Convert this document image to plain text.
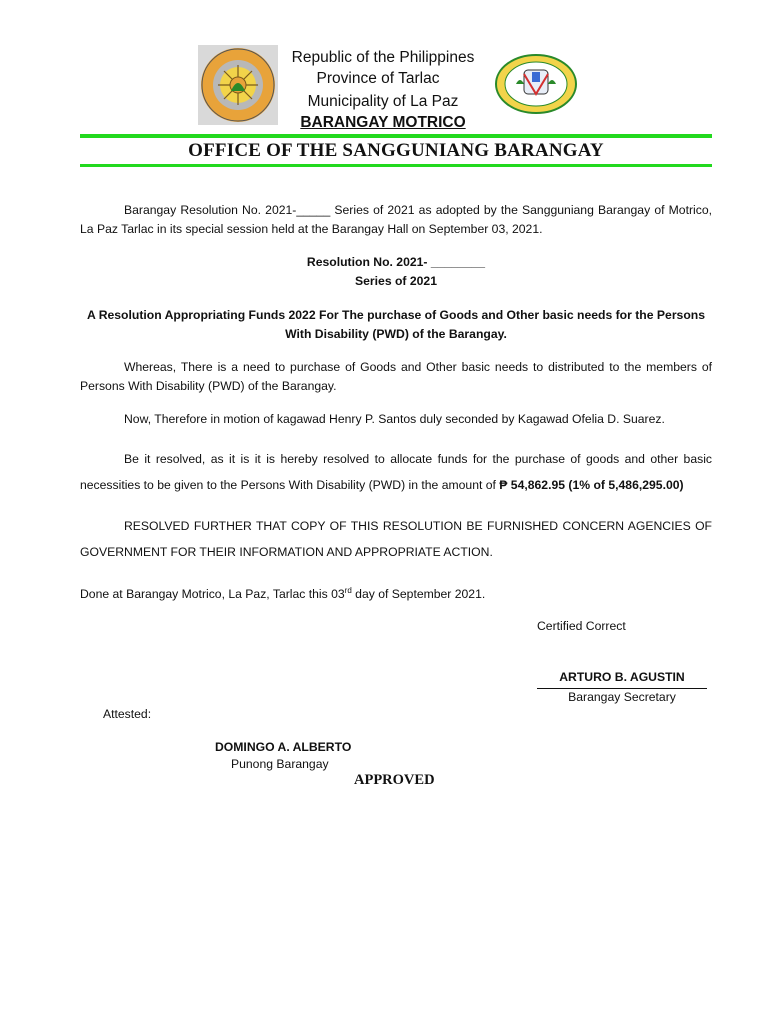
Republic of the Philippines
Province of Tarlac
Municipality of La Paz
BARANGAY MOTRICO
OFFICE OF THE SANGGUNIANG BARANGAY
Barangay Resolution No. 2021-_____ Series of 2021 as adopted by the Sangguniang Barangay of Motrico, La Paz Tarlac in its special session held at the Barangay Hall on September 03, 2021.
Resolution No. 2021- ________
Series of 2021
A Resolution Appropriating Funds 2022 For The purchase of Goods and Other basic needs for the Persons With Disability (PWD) of the Barangay.
Whereas, There is a need to purchase of Goods and Other basic needs to distributed to the members of Persons With Disability (PWD) of the Barangay.
Now, Therefore in motion of kagawad Henry P. Santos duly seconded by Kagawad Ofelia D. Suarez.
Be it resolved, as it is it is hereby resolved to allocate funds for the purchase of goods and other basic necessities to be given to the Persons With Disability (PWD) in the amount of ₱ 54,862.95 (1% of 5,486,295.00)
RESOLVED FURTHER THAT COPY OF THIS RESOLUTION BE FURNISHED CONCERN AGENCIES OF GOVERNMENT FOR THEIR INFORMATION AND APPROPRIATE ACTION.
Done at Barangay Motrico, La Paz, Tarlac this 03rd day of September 2021.
Certified Correct
ARTURO B. AGUSTIN
Barangay Secretary
Attested:
DOMINGO A. ALBERTO
Punong Barangay
APPROVED
